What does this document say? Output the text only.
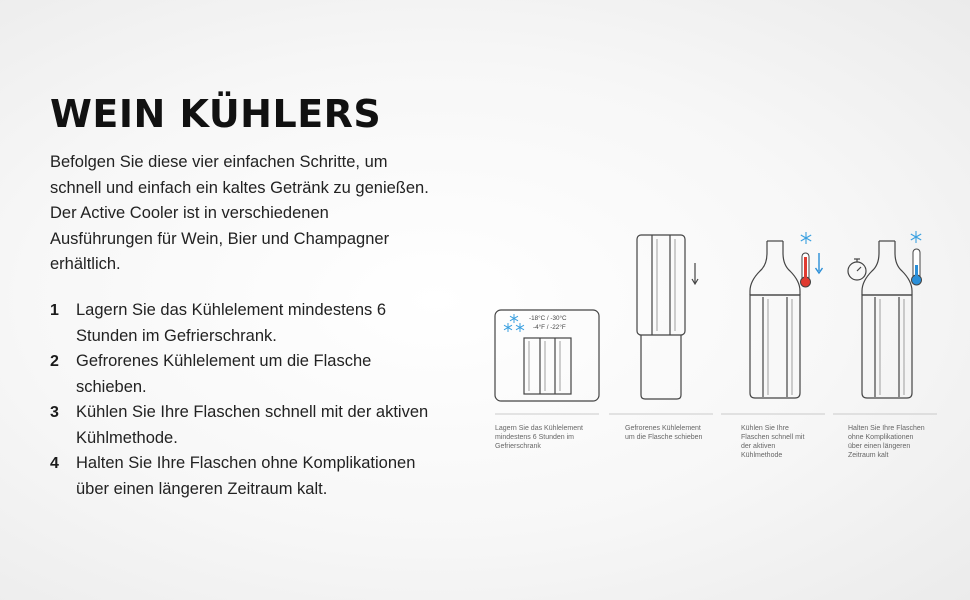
WEIN KÜHLERS
Befolgen Sie diese vier einfachen Schritte, um
schnell und einfach ein kaltes Getränk zu genießen.
Der Active Cooler ist in verschiedenen
Ausführungen für Wein, Bier und Champagner
erhältlich.
1	Lagern Sie das Kühlelement mindestens 6
Stunden im Gefrierschrank.
2	Gefrorenes Kühlelement um die Flasche
schieben.
3	Kühlen Sie Ihre Flaschen schnell mit der aktiven
Kühlmethode.
4	Halten Sie Ihre Flaschen ohne Komplikationen
über einen längeren Zeitraum kalt.
-18°C / -30°C
-4°F / -22°F
Lagern Sie das Kühlelement
mindestens 6 Stunden im
Gefrierschrank
Gefrorenes Kühlelement
um die Flasche schieben
Kühlen Sie Ihre
Flaschen schnell mit
der aktiven
Kühlmethode
Halten Sie Ihre Flaschen
ohne Komplikationen
über einen längeren
Zeitraum kalt
